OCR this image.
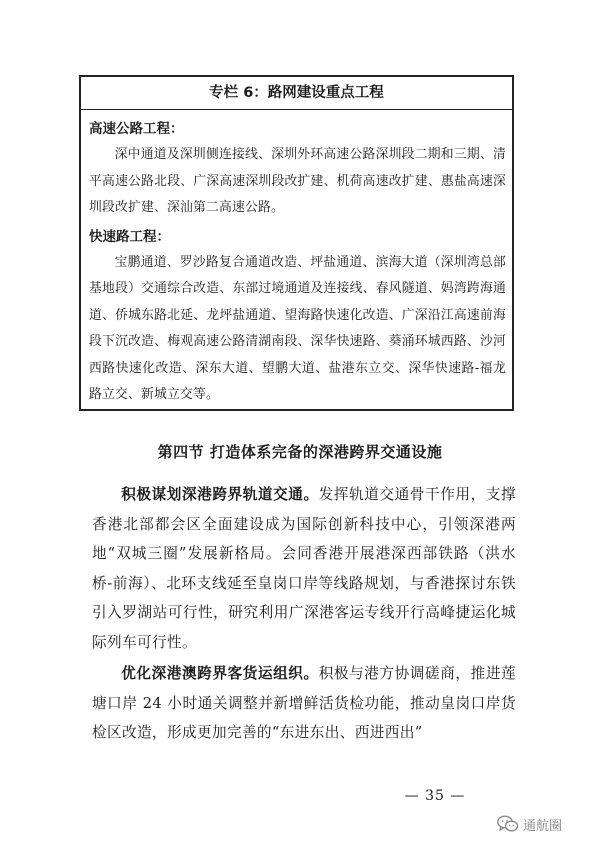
专栏 6：路网建设重点工程
高速公路工程：

深中通道及深圳侧连接线、深圳外环高速公路深圳段二期和三期、清平高速公路北段、广深高速深圳段改扩建、机荷高速改扩建、惠盐高速深圳段改扩建、深汕第二高速公路。

快速路工程：

宝鹏通道、罗沙路复合通道改造、坪盐通道、滨海大道（深圳湾总部基地段）交通综合改造、东部过境通道及连接线、春风隧道、妈湾跨海通道、侨城东路北延、龙坪盐通道、望海路快速化改造、广深沿江高速前海段下沉改造、梅观高速公路清湖南段、深华快速路、葵涌环城西路、沙河西路快速化改造、深东大道、望鹏大道、盐港东立交、深华快速路-福龙路立交、新城立交等。

第四节 打造体系完备的深港跨界交通设施

积极谋划深港跨界轨道交通。发挥轨道交通骨干作用，支撑香港北部都会区全面建设成为国际创新科技中心，引领深港两地“双城三圈”发展新格局。会同香港开展港深西部铁路（洪水桥-前海）、北环支线延至皇岗口岸等线路规划，与香港探讨东铁引入罗湖站可行性，研究利用广深港客运专线开行高峰捷运化城际列车可行性。

优化深港澳跨界客货运组织。积极与港方协调磋商，推进莲塘口岸 24 小时通关调整并新增鲜活货检功能，推动皇岗口岸货检区改造，形成更加完善的“东进东出、西进西出”

— 35 —
通航圈
